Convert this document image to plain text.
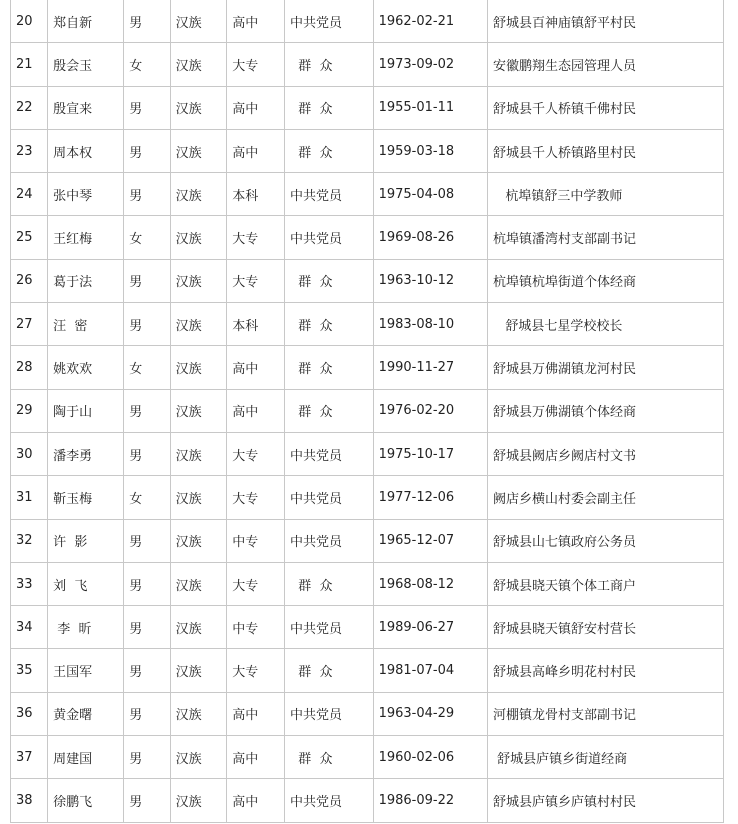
20	郑自新	男	汉族	高中	中共党员	1962-02-21	舒城县百神庙镇舒平村民
21	殷会玉	女	汉族	大专	群  众	1973-09-02	安徽鹏翔生态园管理人员
22	殷宣来	男	汉族	高中	群  众	1955-01-11	舒城县千人桥镇千佛村民
23	周本权	男	汉族	高中	群  众	1959-03-18	舒城县千人桥镇路里村民
24	张中琴	男	汉族	本科	中共党员	1975-04-08	杭埠镇舒三中学教师
25	王红梅	女	汉族	大专	中共党员	1969-08-26	杭埠镇潘湾村支部副书记
26	葛于法	男	汉族	大专	群  众	1963-10-12	杭埠镇杭埠街道个体经商
27	汪  密	男	汉族	本科	群  众	1983-08-10	舒城县七星学校校长
28	姚欢欢	女	汉族	高中	群  众	1990-11-27	舒城县万佛湖镇龙河村民
29	陶于山	男	汉族	高中	群  众	1976-02-20	舒城县万佛湖镇个体经商
30	潘李勇	男	汉族	大专	中共党员	1975-10-17	舒城县阙店乡阙店村文书
31	靳玉梅	女	汉族	大专	中共党员	1977-12-06	阙店乡横山村委会副主任
32	许  影	男	汉族	中专	中共党员	1965-12-07	舒城县山七镇政府公务员
33	刘  飞	男	汉族	大专	群  众	1968-08-12	舒城县晓天镇个体工商户
34	李  昕	男	汉族	中专	中共党员	1989-06-27	舒城县晓天镇舒安村营长
35	王国军	男	汉族	大专	群  众	1981-07-04	舒城县高峰乡明花村村民
36	黄金曙	男	汉族	高中	中共党员	1963-04-29	河棚镇龙骨村支部副书记
37	周建国	男	汉族	高中	群  众	1960-02-06	舒城县庐镇乡街道经商
38	徐鹏飞	男	汉族	高中	中共党员	1986-09-22	舒城县庐镇乡庐镇村村民
